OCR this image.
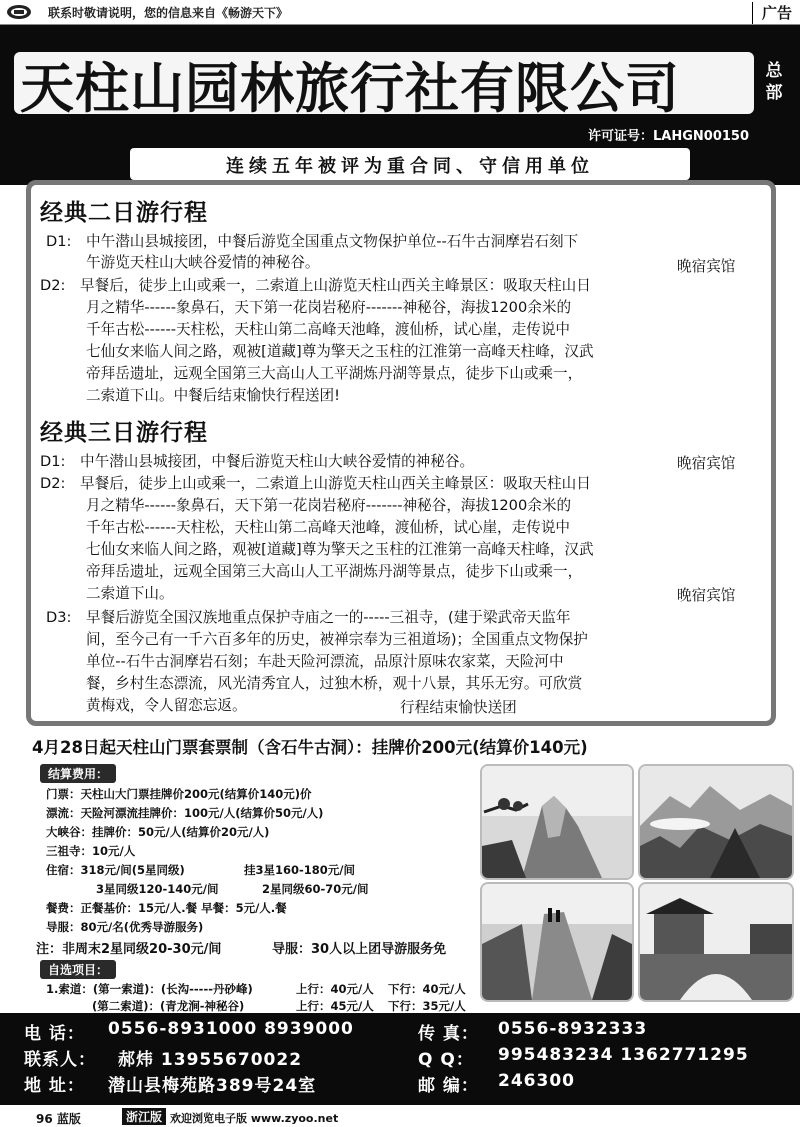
联系时敬请说明，您的信息来自《畅游天下》	广告
天柱山园林旅行社有限公司	总部
许可证号：LAHGN00150
连续五年被评为重合同、守信用单位
经典二日游行程
D1: 中午潜山县城接团，中餐后游览全国重点文物保护单位--石牛古洞摩岩石刻下
午游览天柱山大峡谷爱情的神秘谷。	晚宿宾馆
D2: 早餐后，徒步上山或乘一，二索道上山游览天柱山西关主峰景区：吸取天柱山日
月之精华------象鼻石，天下第一花岗岩秘府-------神秘谷，海拔1200余米的
千年古松------天柱松，天柱山第二高峰天池峰，渡仙桥，试心崖，走传说中
七仙女来临人间之路，观被[道藏]尊为擎天之玉柱的江淮第一高峰天柱峰，汉武
帝拜岳遗址，远观全国第三大高山人工平湖炼丹湖等景点，徒步下山或乘一，
二索道下山。中餐后结束愉快行程送团!
经典三日游行程
D1: 中午潜山县城接团，中餐后游览天柱山大峡谷爱情的神秘谷。	晚宿宾馆
D2: 早餐后，徒步上山或乘一，二索道上山游览天柱山西关主峰景区：吸取天柱山日
月之精华------象鼻石，天下第一花岗岩秘府-------神秘谷，海拔1200余米的
千年古松------天柱松，天柱山第二高峰天池峰，渡仙桥，试心崖，走传说中
七仙女来临人间之路，观被[道藏]尊为擎天之玉柱的江淮第一高峰天柱峰，汉武
帝拜岳遗址，远观全国第三大高山人工平湖炼丹湖等景点，徒步下山或乘一，
二索道下山。	晚宿宾馆
D3: 早餐后游览全国汉族地重点保护寺庙之一的-----三祖寺，(建于梁武帝天监年
间，至今己有一千六百多年的历史，被禅宗奉为三祖道场)；全国重点文物保护
单位--石牛古洞摩岩石刻；车赴天险河漂流，品原汁原味农家菜，天险河中
餐，乡村生态漂流，风光清秀宜人，过独木桥，观十八景，其乐无穷。可欣赏
黄梅戏，令人留恋忘返。	行程结束愉快送团
4月28日起天柱山门票套票制（含石牛古洞）：挂牌价200元(结算价140元)
结算费用：
门票：天柱山大门票挂牌价200元(结算价140元)价
漂流：天险河漂流挂牌价：100元/人(结算价50元/人)
大峡谷：挂牌价：50元/人(结算价20元/人)
三祖寺：10元/人
住宿：318元/间(5星同级)	挂3星160-180元/间
3星同级120-140元/间	2星同级60-70元/间
餐费：正餐基价：15元/人.餐 早餐：5元/人.餐
导服：80元/名(优秀导游服务)
注：非周末2星同级20-30元/间	导服：30人以上团导游服务免
自选项目：
1.索道：(第一索道)：(长沟-----丹砂峰)	上行：40元/人 下行：40元/人
(第二索道)：(青龙涧-神秘谷)	上行：45元/人 下行：35元/人
电 话： 0556-8931000 8939000	传 真： 0556-8932333
联系人： 郝炜 13955670022	Q Q： 995483234 1362771295
地 址： 潜山县梅苑路389号24室	邮 编： 246300
96 蓝版	浙江版 欢迎浏览电子版 www.zyoo.net
